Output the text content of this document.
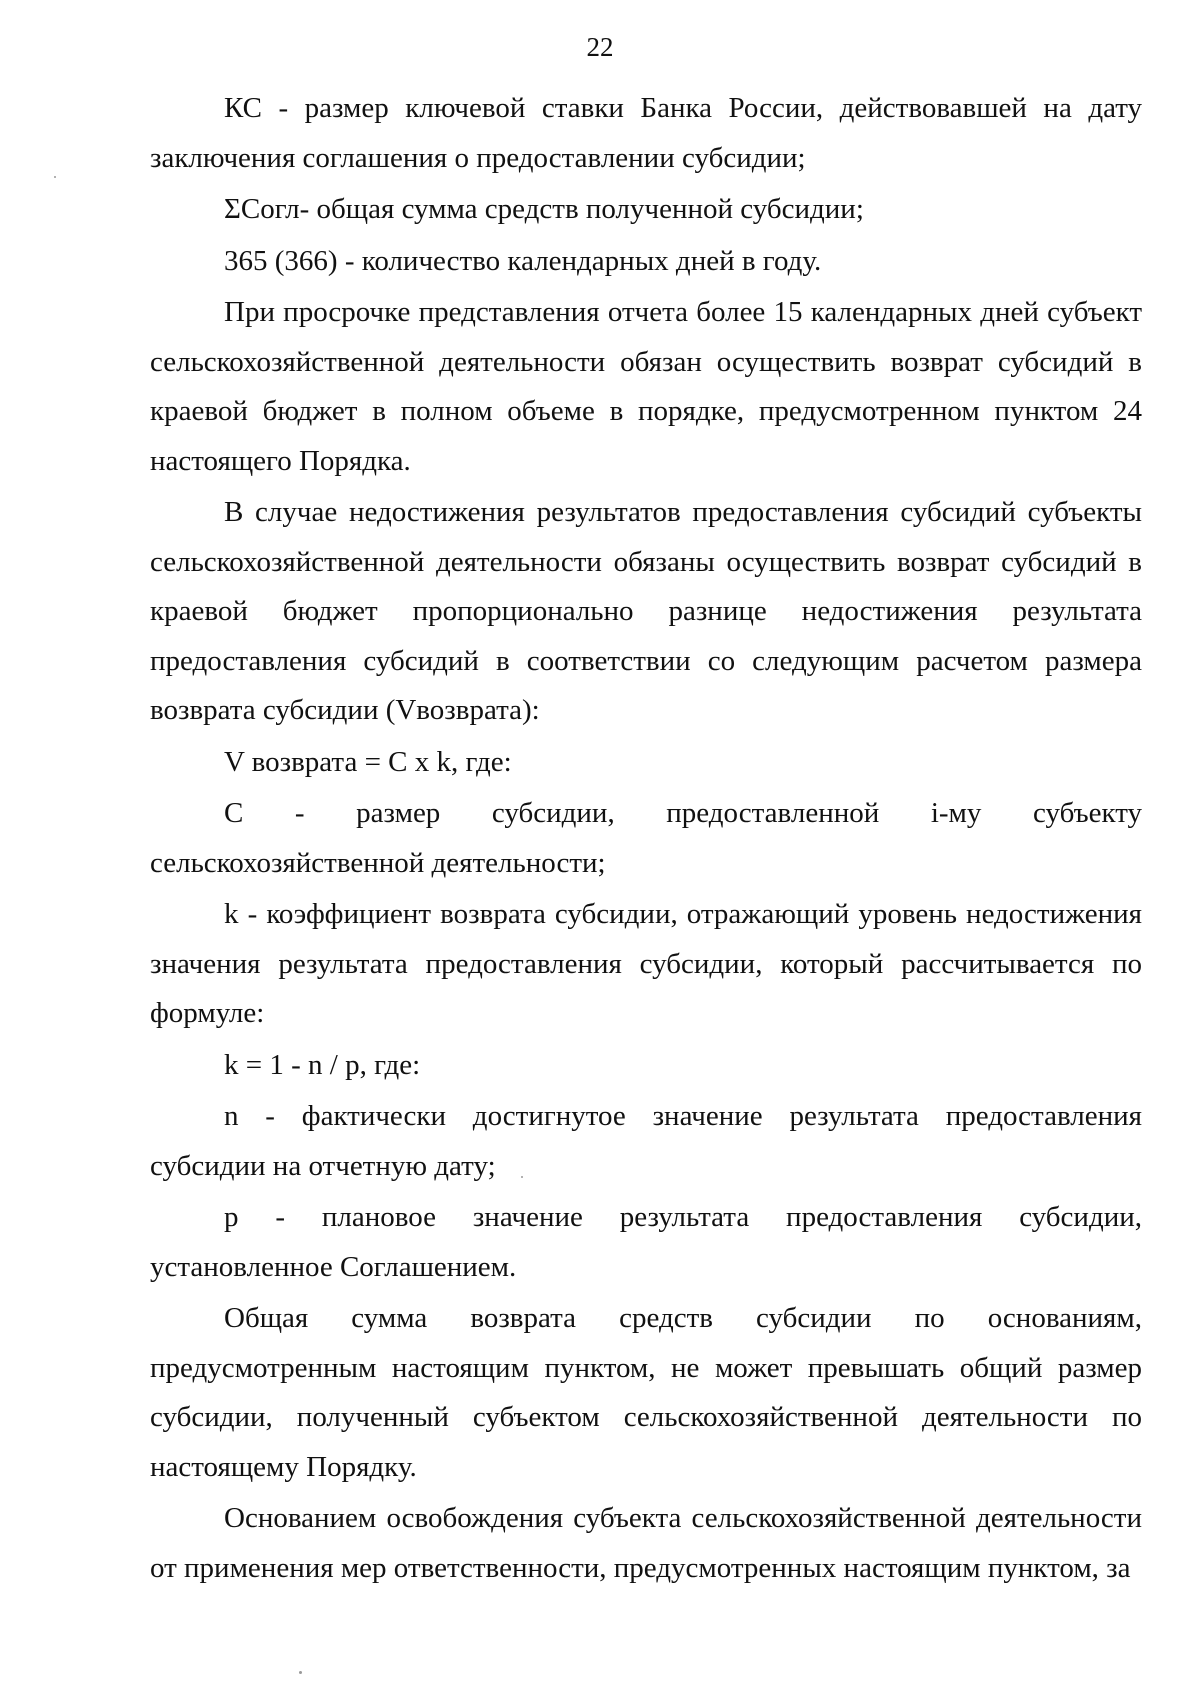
22

КС - размер ключевой ставки Банка России, действовавшей на дату заключения соглашения о предоставлении субсидии;

ΣСогл- общая сумма средств полученной субсидии;

365 (366) - количество календарных дней в году.

При просрочке представления отчета более 15 календарных дней субъект сельскохозяйственной деятельности обязан осуществить возврат субсидий в краевой бюджет в полном объеме в порядке, предусмотренном пунктом 24 настоящего Порядка.

В случае недостижения результатов предоставления субсидий субъекты сельскохозяйственной деятельности обязаны осуществить возврат субсидий в краевой бюджет пропорционально разнице недостижения результата предоставления субсидий в соответствии со следующим расчетом размера возврата субсидии (Vвозврата):

V возврата = C x k, где:

С - размер субсидии, предоставленной i-му субъекту сельскохозяйственной деятельности;

k - коэффициент возврата субсидии, отражающий уровень недостижения значения результата предоставления субсидии, который рассчитывается по формуле:

k = 1 - n / p, где:

n - фактически достигнутое значение результата предоставления субсидии на отчетную дату;

p - плановое значение результата предоставления субсидии, установленное Соглашением.

Общая сумма возврата средств субсидии по основаниям, предусмотренным настоящим пунктом, не может превышать общий размер субсидии, полученный субъектом сельскохозяйственной деятельности по настоящему Порядку.

Основанием освобождения субъекта сельскохозяйственной деятельности от применения мер ответственности, предусмотренных настоящим пунктом, за
